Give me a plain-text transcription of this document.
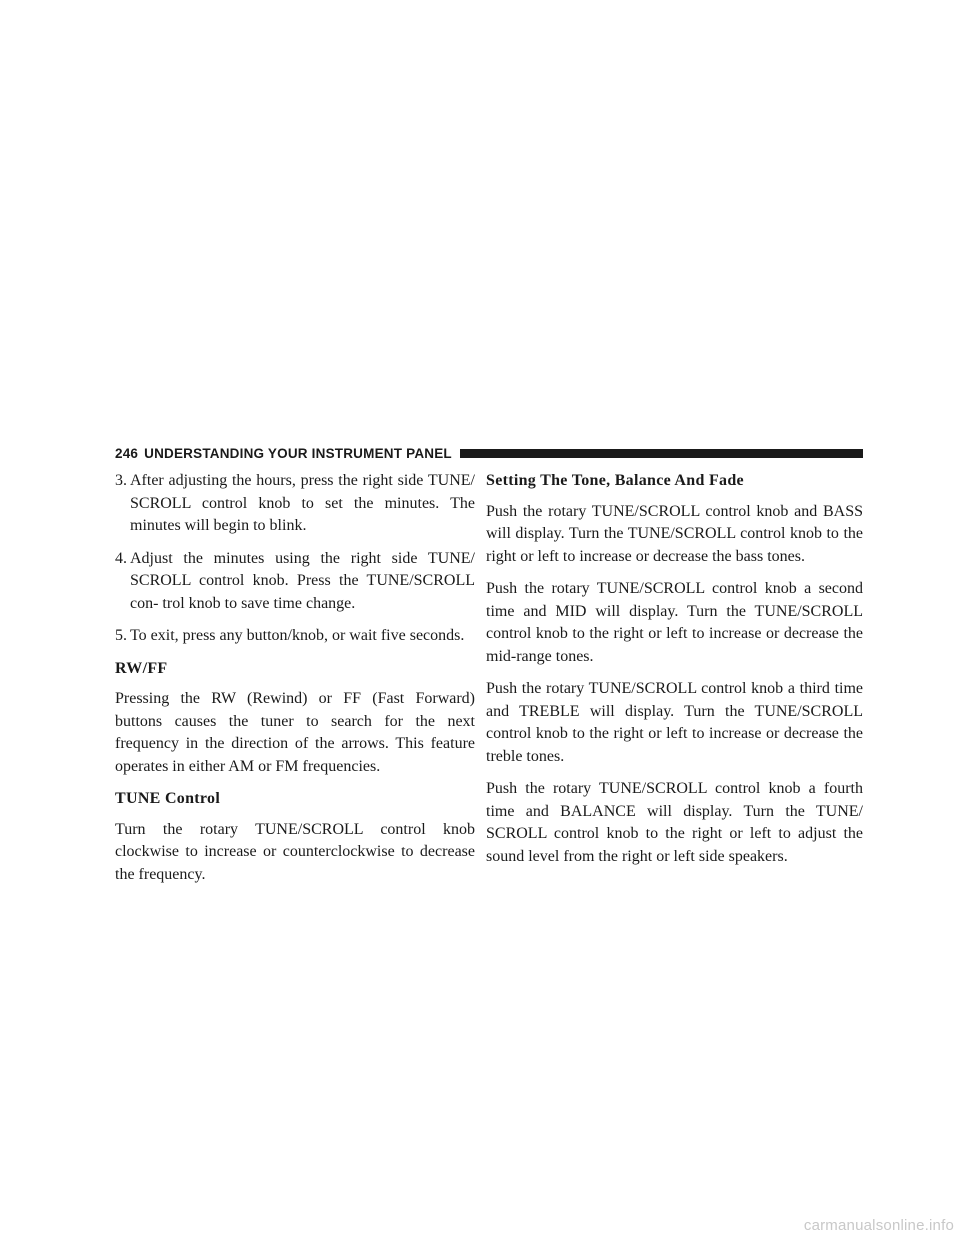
246 UNDERSTANDING YOUR INSTRUMENT PANEL
3. After adjusting the hours, press the right side TUNE/ SCROLL control knob to set the minutes. The minutes will begin to blink.
4. Adjust the minutes using the right side TUNE/ SCROLL control knob. Press the TUNE/SCROLL con- trol knob to save time change.
5. To exit, press any button/knob, or wait five seconds.
RW/FF

Pressing the RW (Rewind) or FF (Fast Forward) buttons causes the tuner to search for the next frequency in the direction of the arrows. This feature operates in either AM or FM frequencies.

TUNE Control

Turn the rotary TUNE/SCROLL control knob clockwise to increase or counterclockwise to decrease the frequency.

Setting The Tone, Balance And Fade

Push the rotary TUNE/SCROLL control knob and BASS will display. Turn the TUNE/SCROLL control knob to the right or left to increase or decrease the bass tones.

Push the rotary TUNE/SCROLL control knob a second time and MID will display. Turn the TUNE/SCROLL control knob to the right or left to increase or decrease the mid-range tones.

Push the rotary TUNE/SCROLL control knob a third time and TREBLE will display. Turn the TUNE/SCROLL control knob to the right or left to increase or decrease the treble tones.

Push the rotary TUNE/SCROLL control knob a fourth time and BALANCE will display. Turn the TUNE/ SCROLL control knob to the right or left to adjust the sound level from the right or left side speakers.

carmanualsonline.info
